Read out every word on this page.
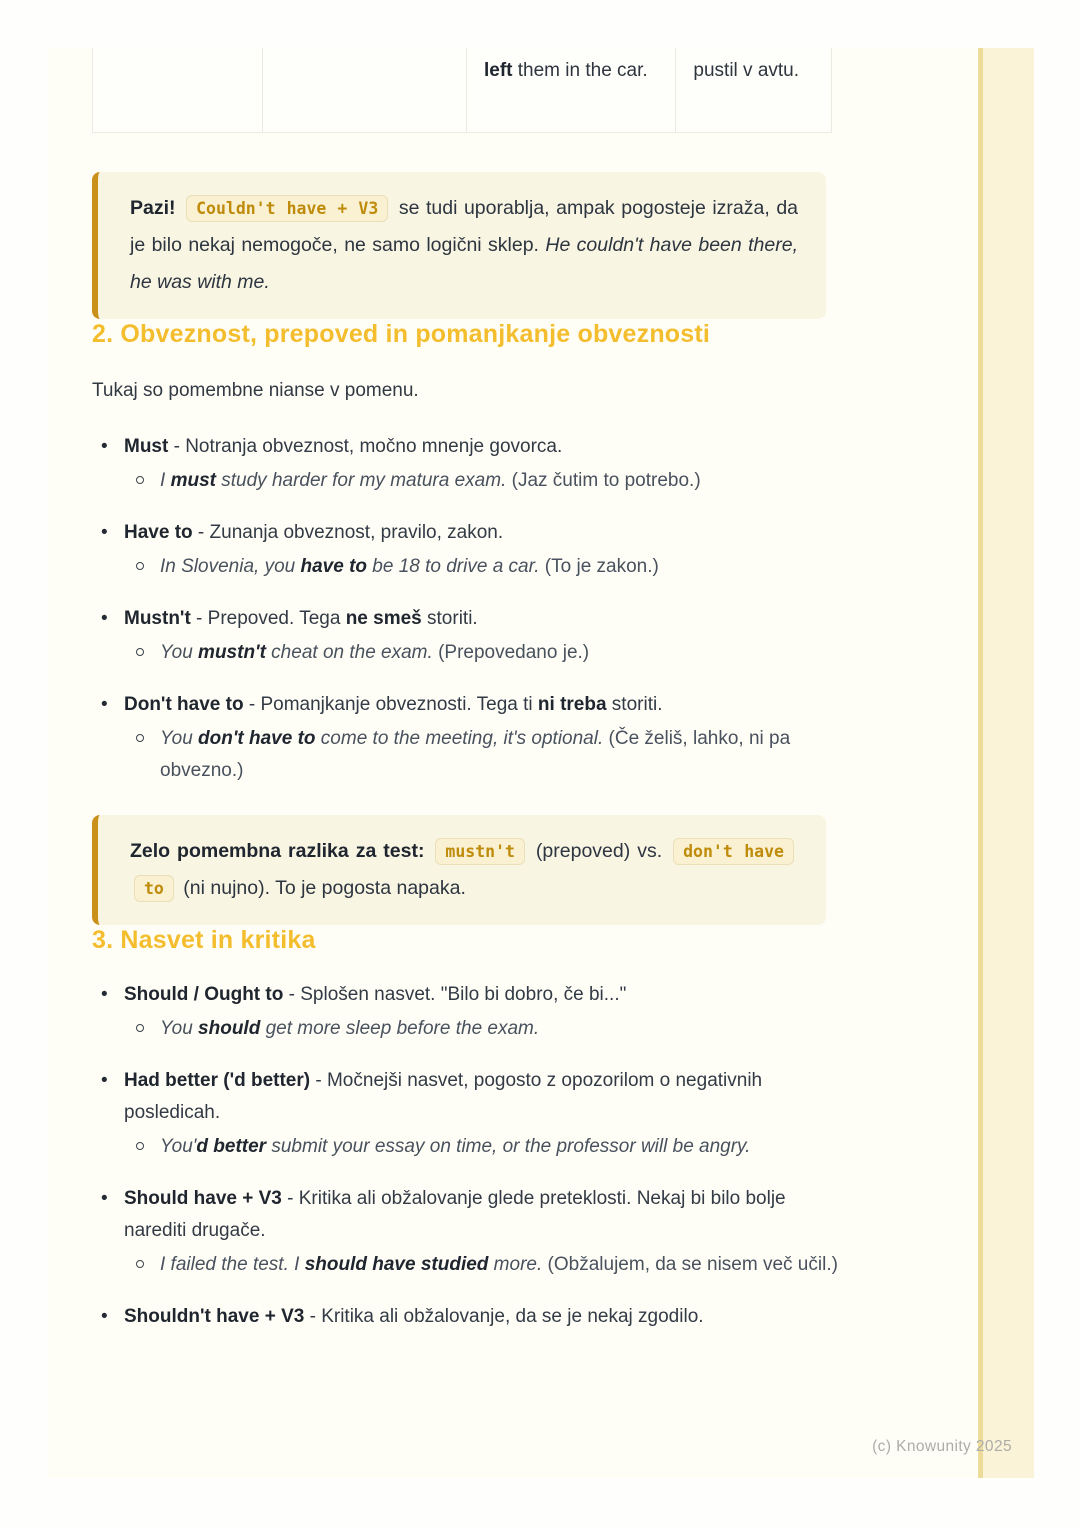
left them in the car.	pustil v avtu.
Pazi! Couldn't have + V3 se tudi uporablja, ampak pogosteje izraža, da je bilo nekaj nemogoče, ne samo logični sklep. He couldn't have been there, he was with me.
2. Obveznost, prepoved in pomanjkanje obveznosti

Tukaj so pomembne nianse v pomenu.

• Must - Notranja obveznost, močno mnenje govorca.

I must study harder for my matura exam. (Jaz čutim to potrebo.)

• Have to - Zunanja obveznost, pravilo, zakon.

In Slovenia, you have to be 18 to drive a car. (To je zakon.)

• Mustn't - Prepoved. Tega ne smeš storiti.

You mustn't cheat on the exam. (Prepovedano je.)

• Don't have to - Pomanjkanje obveznosti. Tega ti ni treba storiti.

You don't have to come to the meeting, it's optional. (Če želiš, lahko, ni pa obvezno.)

Zelo pomembna razlika za test: mustn't (prepoved) vs. don't have to (ni nujno). To je pogosta napaka.
3. Nasvet in kritika
• Should / Ought to - Splošen nasvet. "Bilo bi dobro, če bi..."

You should get more sleep before the exam.

• Had better ('d better) - Močnejši nasvet, pogosto z opozorilom o negativnih posledicah.

You'd better submit your essay on time, or the professor will be angry.

• Should have + V3 - Kritika ali obžalovanje glede preteklosti. Nekaj bi bilo bolje narediti drugače.

I failed the test. I should have studied more. (Obžalujem, da se nisem več učil.)

• Shouldn't have + V3 - Kritika ali obžalovanje, da se je nekaj zgodilo.

(c) Knowunity 2025
